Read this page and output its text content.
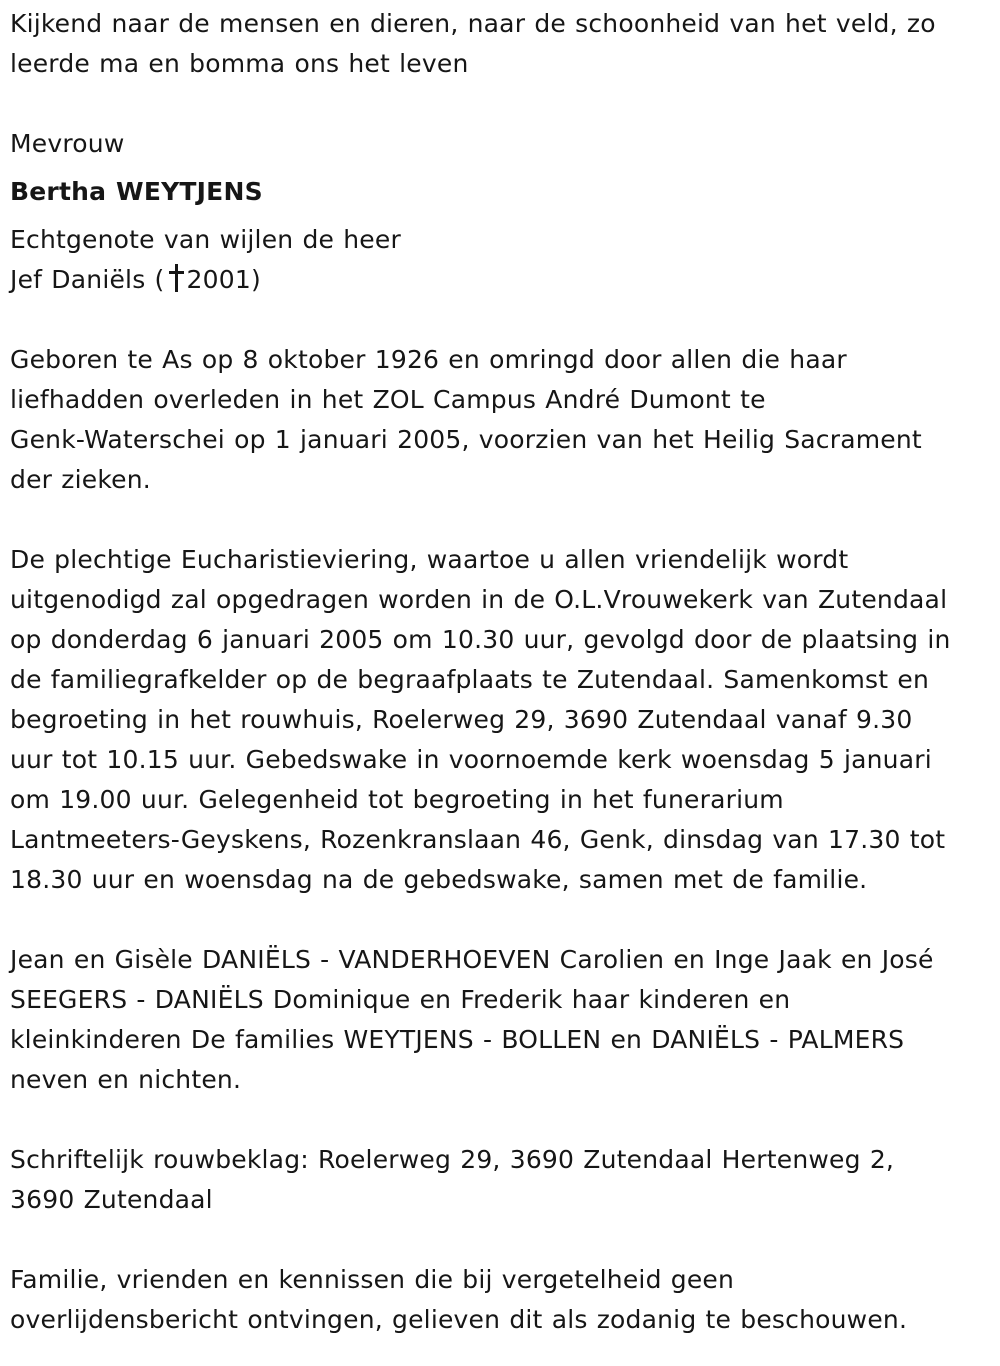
Kijkend naar de mensen en dieren, naar de schoonheid van het veld, zo
leerde ma en bomma ons het leven
Mevrouw
Bertha WEYTJENS
Echtgenote van wijlen de heer
Jef Daniëls ( 2001)
Geboren te As op 8 oktober 1926 en omringd door allen die haar
liefhadden overleden in het ZOL Campus André Dumont te
Genk-Waterschei op 1 januari 2005, voorzien van het Heilig Sacrament
der zieken.
De plechtige Eucharistieviering, waartoe u allen vriendelijk wordt
uitgenodigd zal opgedragen worden in de O.L.Vrouwekerk van Zutendaal
op donderdag 6 januari 2005 om 10.30 uur, gevolgd door de plaatsing in
de familiegrafkelder op de begraafplaats te Zutendaal. Samenkomst en
begroeting in het rouwhuis, Roelerweg 29, 3690 Zutendaal vanaf 9.30
uur tot 10.15 uur. Gebedswake in voornoemde kerk woensdag 5 januari
om 19.00 uur. Gelegenheid tot begroeting in het funerarium
Lantmeeters-Geyskens, Rozenkranslaan 46, Genk, dinsdag van 17.30 tot
18.30 uur en woensdag na de gebedswake, samen met de familie.
Jean en Gisèle DANIËLS - VANDERHOEVEN Carolien en Inge Jaak en José
SEEGERS - DANIËLS Dominique en Frederik haar kinderen en
kleinkinderen De families WEYTJENS - BOLLEN en DANIËLS - PALMERS
neven en nichten.
Schriftelijk rouwbeklag: Roelerweg 29, 3690 Zutendaal Hertenweg 2,
3690 Zutendaal
Familie, vrienden en kennissen die bij vergetelheid geen
overlijdensbericht ontvingen, gelieven dit als zodanig te beschouwen.
